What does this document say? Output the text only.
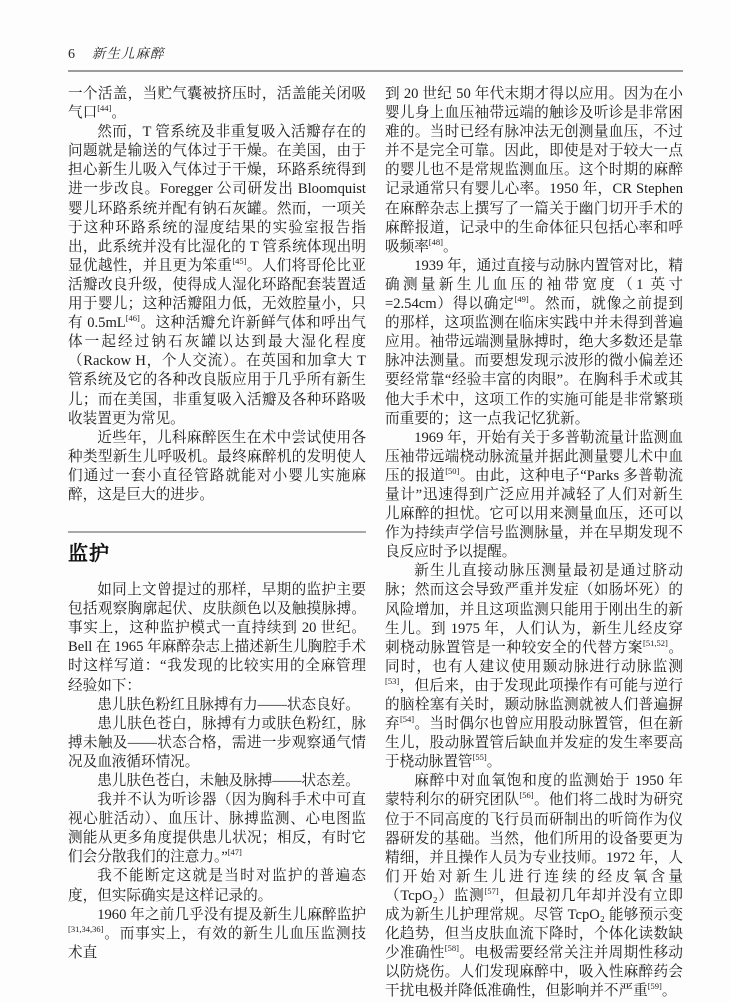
6 新生儿麻醉

一个活盖，当贮气囊被挤压时，活盖能关闭吸气口[44]。

然而，T 管系统及非重复吸入活瓣存在的问题就是输送的气体过于干燥。在美国，由于担心新生儿吸入气体过于干燥，环路系统得到进一步改良。Foregger 公司研发出 Bloomquist 婴儿环路系统并配有钠石灰罐。然而，一项关于这种环路系统的湿度结果的实验室报告指出，此系统并没有比湿化的 T 管系统体现出明显优越性，并且更为笨重[45]。人们将哥伦比亚活瓣改良升级，使得成人湿化环路配套装置适用于婴儿；这种活瓣阻力低，无效腔量小，只有 0.5mL[46]。这种活瓣允许新鲜气体和呼出气体一起经过钠石灰罐以达到最大湿化程度（Rackow H，个人交流）。在英国和加拿大 T 管系统及它的各种改良版应用于几乎所有新生儿；而在美国，非重复吸入活瓣及各种环路吸收装置更为常见。

近些年，儿科麻醉医生在术中尝试使用各种类型新生儿呼吸机。最终麻醉机的发明使人们通过一套小直径管路就能对小婴儿实施麻醉，这是巨大的进步。

监护

如同上文曾提过的那样，早期的监护主要包括观察胸廓起伏、皮肤颜色以及触摸脉搏。事实上，这种监护模式一直持续到 20 世纪。Bell 在 1965 年麻醉杂志上描述新生儿胸腔手术时这样写道：“我发现的比较实用的全麻管理经验如下：

患儿肤色粉红且脉搏有力——状态良好。

患儿肤色苍白，脉搏有力或肤色粉红，脉搏未触及——状态合格，需进一步观察通气情况及血液循环情况。

患儿肤色苍白，未触及脉搏——状态差。

我并不认为听诊器（因为胸科手术中可直视心脏活动）、血压计、脉搏监测、心电图监测能从更多角度提供患儿状况；相反，有时它们会分散我们的注意力。”[47]

我不能断定这就是当时对监护的普遍态度，但实际确实是这样记录的。

1960 年之前几乎没有提及新生儿麻醉监护[31,34,36]。而事实上，有效的新生儿血压监测技术直

到 20 世纪 50 年代末期才得以应用。因为在小婴儿身上血压袖带远端的触诊及听诊是非常困难的。当时已经有脉冲法无创测量血压，不过并不是完全可靠。因此，即使是对于较大一点的婴儿也不是常规监测血压。这个时期的麻醉记录通常只有婴儿心率。1950 年，CR Stephen 在麻醉杂志上撰写了一篇关于幽门切开手术的麻醉报道，记录中的生命体征只包括心率和呼吸频率[48]。

1939 年，通过直接与动脉内置管对比，精确测量新生儿血压的袖带宽度（1 英寸 =2.54cm）得以确定[49]。然而，就像之前提到的那样，这项监测在临床实践中并未得到普遍应用。袖带远端测量脉搏时，绝大多数还是靠脉冲法测量。而要想发现示波形的微小偏差还要经常靠“经验丰富的肉眼”。在胸科手术或其他大手术中，这项工作的实施可能是非常繁琐而重要的；这一点我记忆犹新。

1969 年，开始有关于多普勒流量计监测血压袖带远端桡动脉流量并据此测量婴儿术中血压的报道[50]。由此，这种电子“Parks 多普勒流量计”迅速得到广泛应用并减轻了人们对新生儿麻醉的担忧。它可以用来测量血压，还可以作为持续声学信号监测脉量，并在早期发现不良反应时予以提醒。

新生儿直接动脉压测量最初是通过脐动脉；然而这会导致严重并发症（如肠坏死）的风险增加，并且这项监测只能用于刚出生的新生儿。到 1975 年，人们认为，新生儿经皮穿刺桡动脉置管是一种较安全的代替方案[51,52]。同时，也有人建议使用颞动脉进行动脉监测[53]，但后来，由于发现此项操作有可能与逆行的脑栓塞有关时，颞动脉监测就被人们普遍摒弃[54]。当时偶尔也曾应用股动脉置管，但在新生儿，股动脉置管后缺血并发症的发生率要高于桡动脉置管[55]。

麻醉中对血氧饱和度的监测始于 1950 年蒙特利尔的研究团队[56]。他们将二战时为研究位于不同高度的飞行员而研制出的听筒作为仪器研发的基础。当然，他们所用的设备要更为精细，并且操作人员为专业技师。1972 年，人们开始对新生儿进行连续的经皮氧含量（TcpO₂）监测[57]，但最初几年却并没有立即成为新生儿护理常规。尽管 TcpO₂ 能够预示变化趋势，但当皮肤血流下降时，个体化读数缺少准确性[58]。电极需要经常关注并周期性移动以防烧伤。人们发现麻醉中，吸入性麻醉药会干扰电极并降低准确性，但影响并不严重[59]。
